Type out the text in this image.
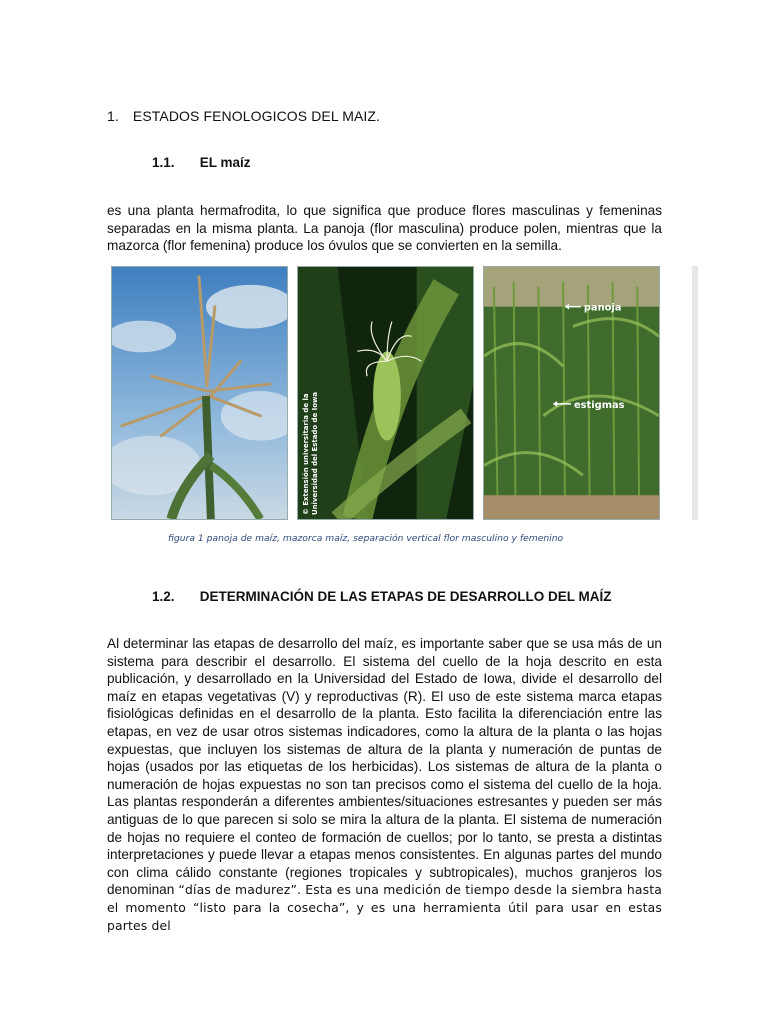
1. ESTADOS FENOLOGICOS DEL MAIZ.
1.1. EL maíz

es una planta hermafrodita, lo que significa que produce flores masculinas y femeninas separadas en la misma planta. La panoja (flor masculina) produce polen, mientras que la mazorca (flor femenina) produce los óvulos que se convierten en la semilla.

© Extensión universitaria de la Universidad del Estado de Iowa
panoja
estigmas
figura 1 panoja de maíz, mazorca maíz, separación vertical flor masculino y femenino
1.2. DETERMINACIÓN DE LAS ETAPAS DE DESARROLLO DEL MAÍZ

Al determinar las etapas de desarrollo del maíz, es importante saber que se usa más de un sistema para describir el desarrollo. El sistema del cuello de la hoja descrito en esta publicación, y desarrollado en la Universidad del Estado de Iowa, divide el desarrollo del maíz en etapas vegetativas (V) y reproductivas (R). El uso de este sistema marca etapas fisiológicas definidas en el desarrollo de la planta. Esto facilita la diferenciación entre las etapas, en vez de usar otros sistemas indicadores, como la altura de la planta o las hojas expuestas, que incluyen los sistemas de altura de la planta y numeración de puntas de hojas (usados por las etiquetas de los herbicidas). Los sistemas de altura de la planta o numeración de hojas expuestas no son tan precisos como el sistema del cuello de la hoja. Las plantas responderán a diferentes ambientes/situaciones estresantes y pueden ser más antiguas de lo que parecen si solo se mira la altura de la planta. El sistema de numeración de hojas no requiere el conteo de formación de cuellos; por lo tanto, se presta a distintas interpretaciones y puede llevar a etapas menos consistentes. En algunas partes del mundo con clima cálido constante (regiones tropicales y subtropicales), muchos granjeros los denominan “días de madurez”. Esta es una medición de tiempo desde la siembra hasta el momento “listo para la cosecha”, y es una herramienta útil para usar en estas partes del
